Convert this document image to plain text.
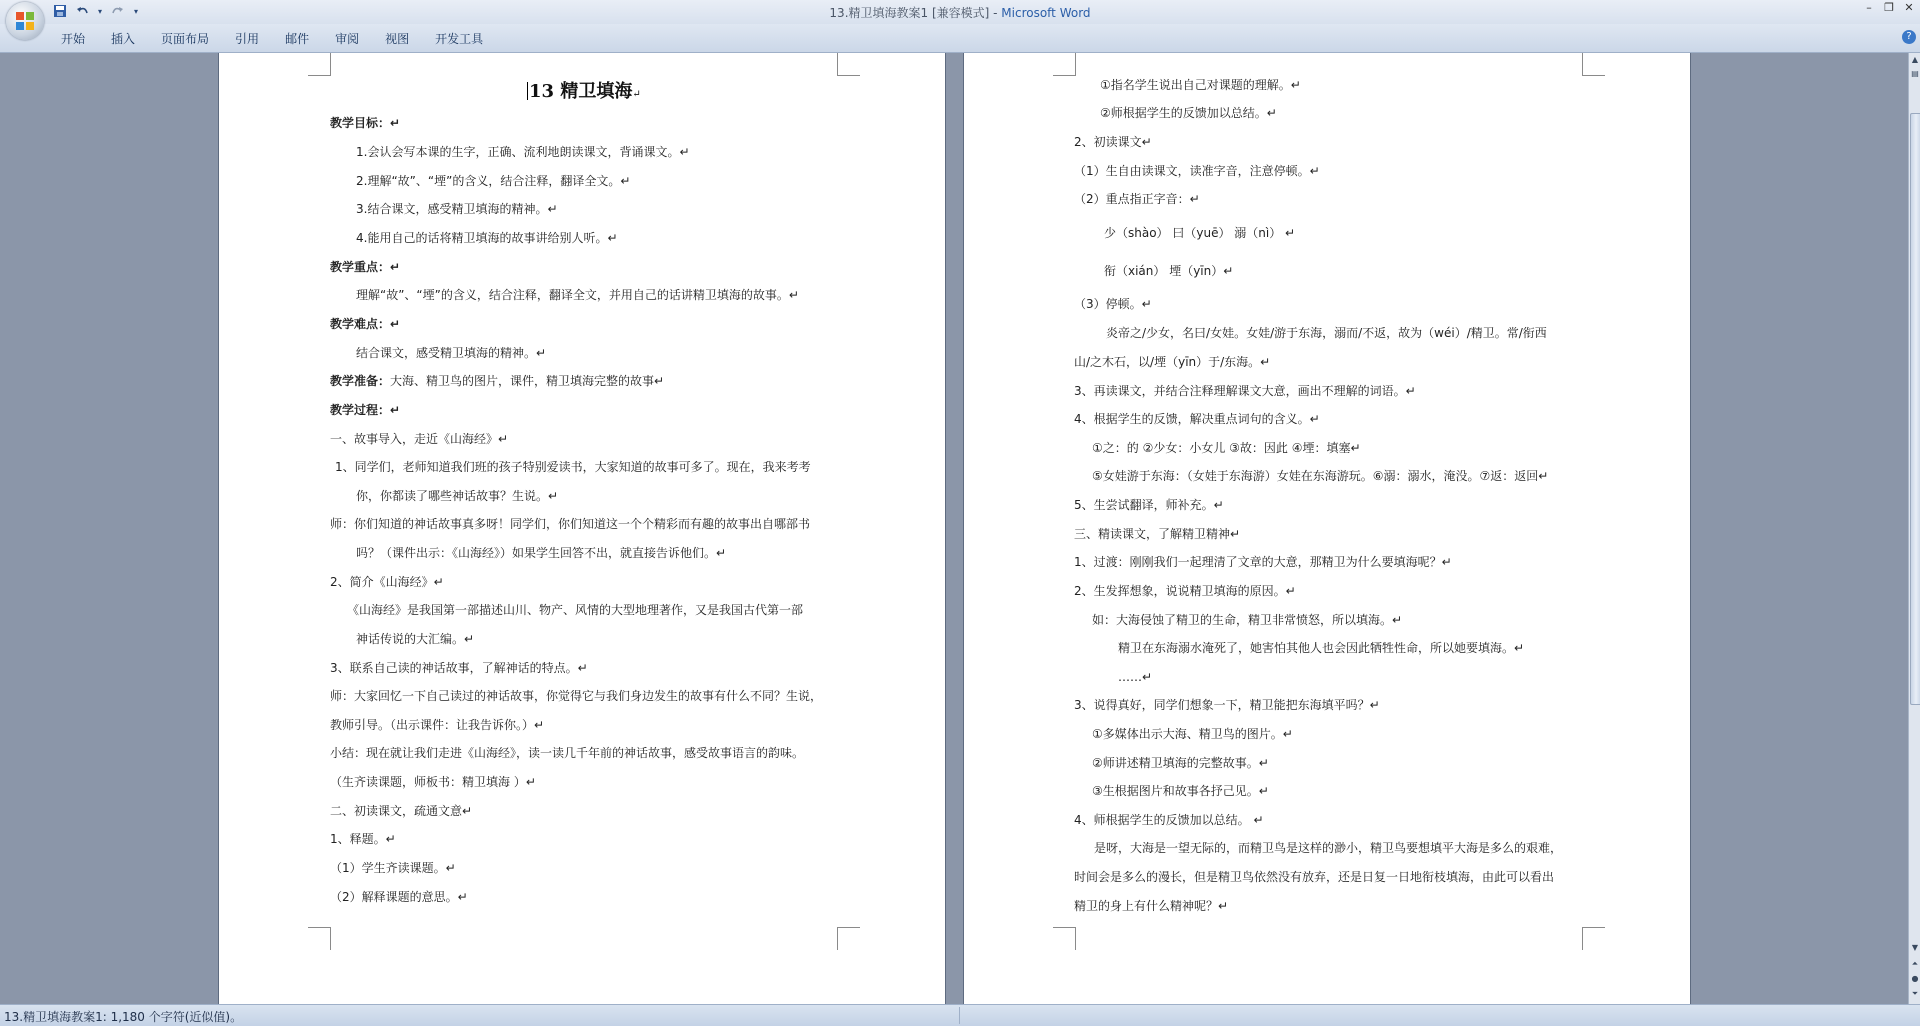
▾	▾	13.精卫填海教案1 [兼容模式] - Microsoft Word	–	❐ ✕
开始	插入	页面布局	引用	邮件	审阅	视图	开发工具	?
13 精卫填海↵
教学目标：↵
1.会认会写本课的生字，正确、流利地朗读课文，背诵课文。↵
2.理解“故”、“堙”的含义，结合注释，翻译全文。↵
3.结合课文，感受精卫填海的精神。↵
4.能用自己的话将精卫填海的故事讲给别人听。↵
教学重点：↵
理解“故”、“堙”的含义，结合注释，翻译全文，并用自己的话讲精卫填海的故事。↵
教学难点：↵
结合课文，感受精卫填海的精神。↵
教学准备：大海、精卫鸟的图片，课件，精卫填海完整的故事↵
教学过程：↵
一、故事导入，走近《山海经》↵
1、同学们，老师知道我们班的孩子特别爱读书，大家知道的故事可多了。现在，我来考考
你，你都读了哪些神话故事？生说。↵
师：你们知道的神话故事真多呀！同学们，你们知道这一个个精彩而有趣的故事出自哪部书
吗？（课件出示：《山海经》）如果学生回答不出，就直接告诉他们。↵
2、简介《山海经》↵
《山海经》是我国第一部描述山川、物产、风情的大型地理著作，又是我国古代第一部
神话传说的大汇编。↵
3、联系自己读的神话故事，了解神话的特点。↵
师：大家回忆一下自己读过的神话故事，你觉得它与我们身边发生的故事有什么不同？生说，
教师引导。（出示课件：让我告诉你。）↵
小结：现在就让我们走进《山海经》，读一读几千年前的神话故事，感受故事语言的韵味。
（生齐读课题，师板书：精卫填海 ）↵
二、初读课文，疏通文意↵
1、释题。↵
（1）学生齐读课题。↵
（2）解释课题的意思。↵
①指名学生说出自己对课题的理解。↵
②师根据学生的反馈加以总结。↵
2、初读课文↵
（1）生自由读课文，读准字音，注意停顿。↵
（2）重点指正字音：↵
少（shào） 曰（yuē） 溺（nì） ↵
衔（xián） 堙（yīn）↵
（3）停顿。↵
炎帝之/少女，名曰/女娃。女娃/游于东海，溺而/不返，故为（wéi）/精卫。常/衔西
山/之木石，以/堙（yīn）于/东海。↵
3、再读课文，并结合注释理解课文大意，画出不理解的词语。↵
4、根据学生的反馈，解决重点词句的含义。↵
①之：的 ②少女：小女儿 ③故：因此 ④堙：填塞↵
⑤女娃游于东海：（女娃于东海游）女娃在东海游玩。⑥溺：溺水，淹没。⑦返：返回↵
5、生尝试翻译，师补充。↵
三、精读课文，了解精卫精神↵
1、过渡：刚刚我们一起理清了文章的大意，那精卫为什么要填海呢？↵
2、生发挥想象，说说精卫填海的原因。↵
如：大海侵蚀了精卫的生命，精卫非常愤怒，所以填海。↵
精卫在东海溺水淹死了，她害怕其他人也会因此牺牲性命，所以她要填海。↵
……↵
3、说得真好，同学们想象一下，精卫能把东海填平吗？↵
①多媒体出示大海、精卫鸟的图片。↵
②师讲述精卫填海的完整故事。↵
③生根据图片和故事各抒己见。↵
4、师根据学生的反馈加以总结。 ↵
是呀，大海是一望无际的，而精卫鸟是这样的渺小，精卫鸟要想填平大海是多么的艰难，
时间会是多么的漫长，但是精卫鸟依然没有放弃，还是日复一日地衔枝填海，由此可以看出
精卫的身上有什么精神呢？↵
▲
▤
▼
⏶
●
⏷
13.精卫填海教案1: 1,180 个字符(近似值)。
